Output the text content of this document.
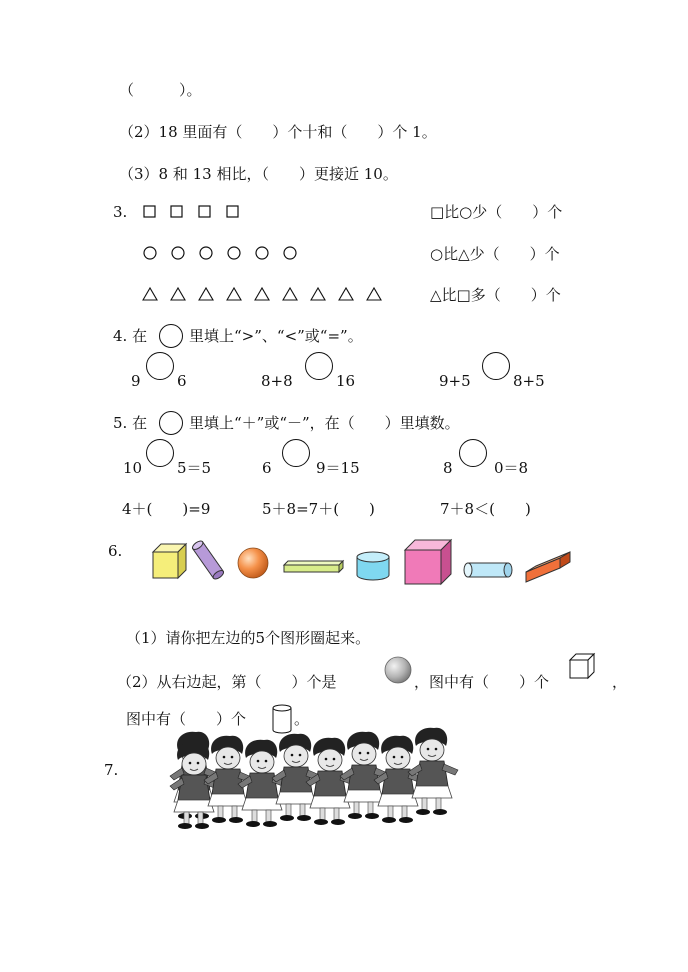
（　　　）。
（2）18 里面有（　　）个十和（　　）个 1。
（3）8 和 13 相比，（　　）更接近 10。
3.	□比○少（　　）个
○比△少（　　）个
△比□多（　　）个
4. 在	里填上“>”、“<”或“=”。
9 6	8+8	16	9+5	8+5
5. 在	里填上“＋”或“－”，在（　　）里填数。
10 5＝5	6	9＝15	8	0＝8
4＋(　　)=9	5＋8=7＋(　　)	7＋8＜(　　)
6.
（1）请你把左边的5个图形圈起来。
（2）从右边起，第（　　）个是	，图中有（　　）个	，
图中有（　　）个	。
7.
